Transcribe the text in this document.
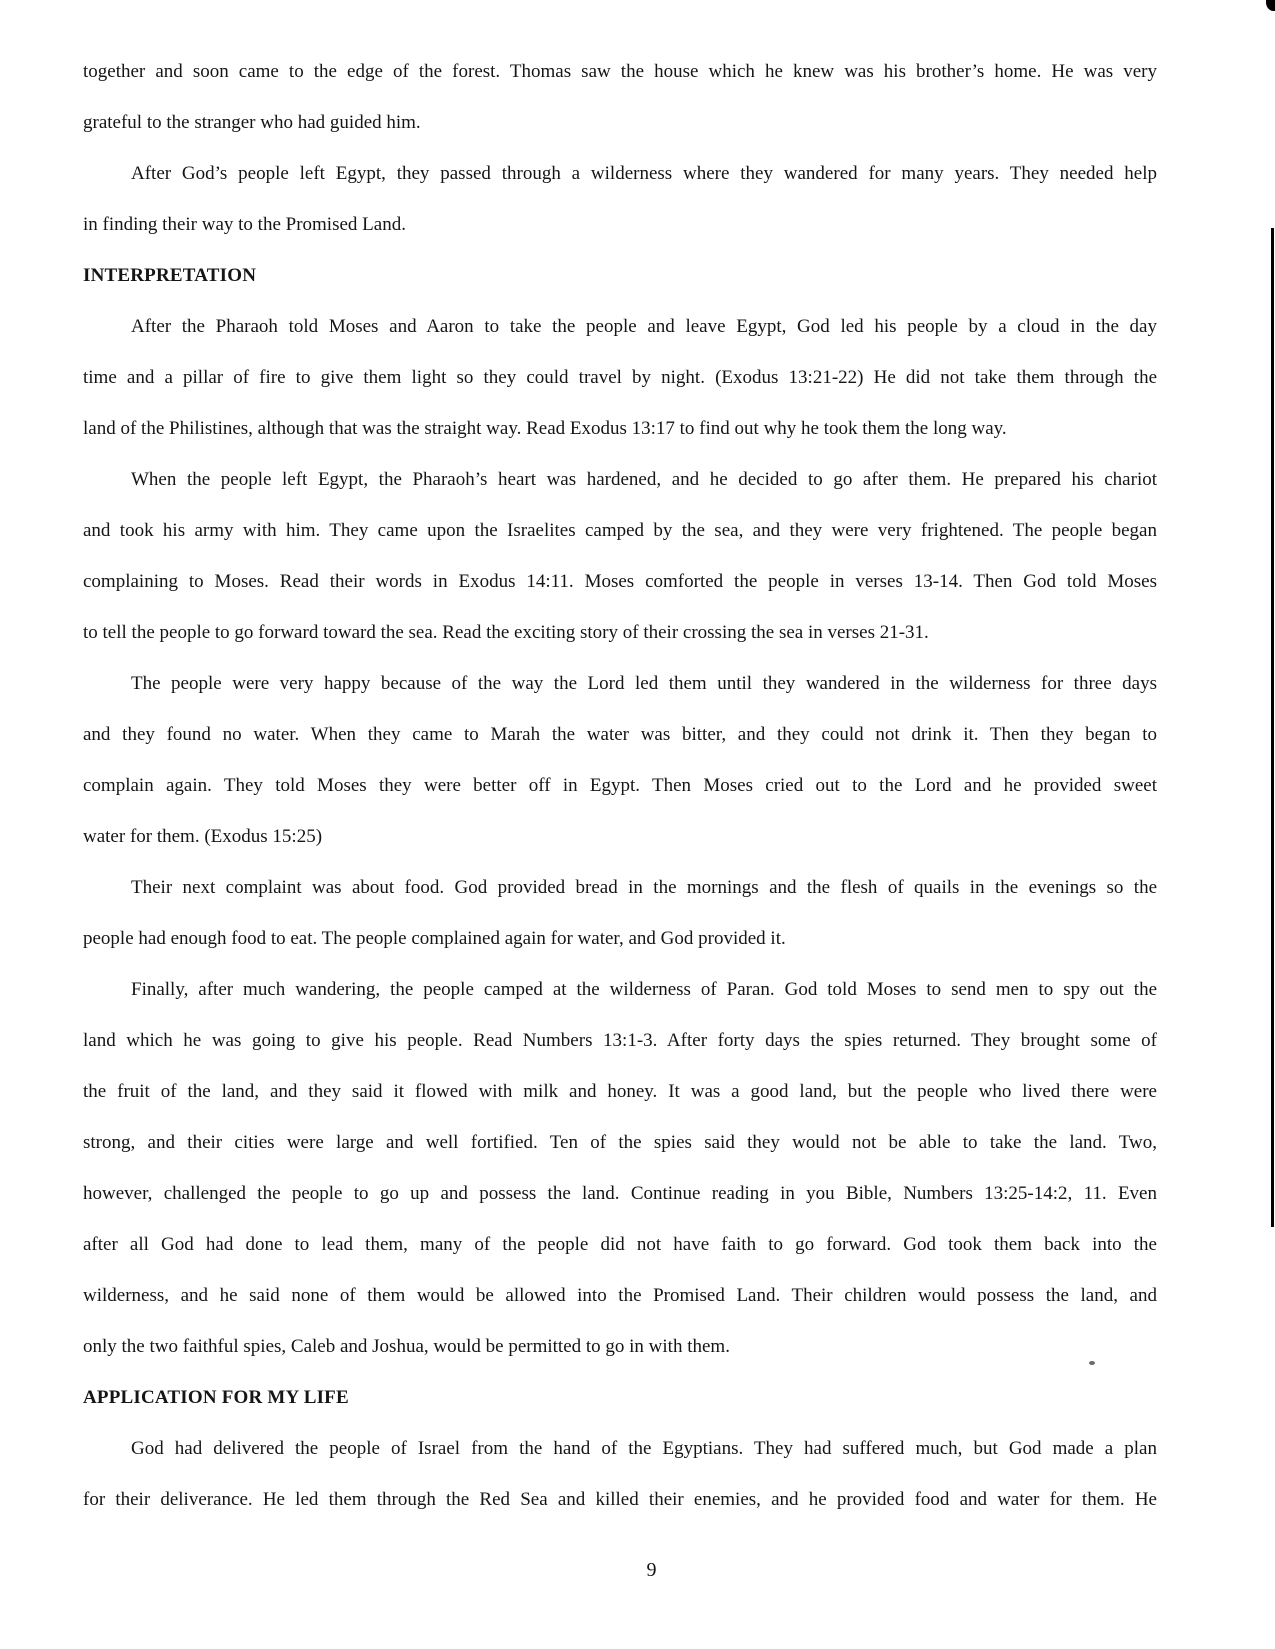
together and soon came to the edge of the forest. Thomas saw the house which he knew was his brother’s home. He was very
grateful to the stranger who had guided him.
After God’s people left Egypt, they passed through a wilderness where they wandered for many years. They needed help
in finding their way to the Promised Land.
INTERPRETATION
After the Pharaoh told Moses and Aaron to take the people and leave Egypt, God led his people by a cloud in the day
time and a pillar of fire to give them light so they could travel by night. (Exodus 13:21-22) He did not take them through the
land of the Philistines, although that was the straight way. Read Exodus 13:17 to find out why he took them the long way.
When the people left Egypt, the Pharaoh’s heart was hardened, and he decided to go after them. He prepared his chariot
and took his army with him. They came upon the Israelites camped by the sea, and they were very frightened. The people began
complaining to Moses. Read their words in Exodus 14:11. Moses comforted the people in verses 13-14. Then God told Moses
to tell the people to go forward toward the sea. Read the exciting story of their crossing the sea in verses 21-31.
The people were very happy because of the way the Lord led them until they wandered in the wilderness for three days
and they found no water. When they came to Marah the water was bitter, and they could not drink it. Then they began to
complain again. They told Moses they were better off in Egypt. Then Moses cried out to the Lord and he provided sweet
water for them. (Exodus 15:25)
Their next complaint was about food. God provided bread in the mornings and the flesh of quails in the evenings so the
people had enough food to eat. The people complained again for water, and God provided it.
Finally, after much wandering, the people camped at the wilderness of Paran. God told Moses to send men to spy out the
land which he was going to give his people. Read Numbers 13:1-3. After forty days the spies returned. They brought some of
the fruit of the land, and they said it flowed with milk and honey. It was a good land, but the people who lived there were
strong, and their cities were large and well fortified. Ten of the spies said they would not be able to take the land. Two,
however, challenged the people to go up and possess the land. Continue reading in you Bible, Numbers 13:25-14:2, 11. Even
after all God had done to lead them, many of the people did not have faith to go forward. God took them back into the
wilderness, and he said none of them would be allowed into the Promised Land. Their children would possess the land, and
only the two faithful spies, Caleb and Joshua, would be permitted to go in with them.
APPLICATION FOR MY LIFE
God had delivered the people of Israel from the hand of the Egyptians. They had suffered much, but God made a plan
for their deliverance. He led them through the Red Sea and killed their enemies, and he provided food and water for them. He
9
